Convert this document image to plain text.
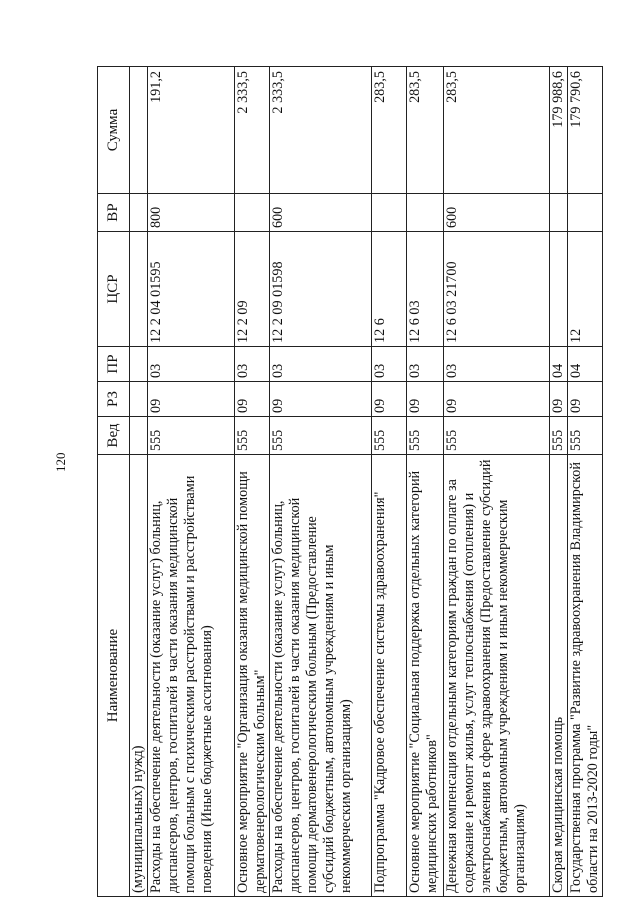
120
Наименование	Вед	РЗ	ПР	ЦСР	ВР	Сумма
(муниципальных) нужд)						
Расходы на обеспечение деятельности (оказание услуг) больниц, диспансеров, центров, госпиталей в части оказания медицинской помощи больным с психическими расстройствами и расстройствами поведения (Иные бюджетные ассигнования)	555	09	03	12 2 04 01595	800	191,2
Основное мероприятие "Организация оказания медицинской помощи дерматовенерологическим больным"	555	09	03	12 2 09		2 333,5
Расходы на обеспечение деятельности (оказание услуг) больниц, диспансеров, центров, госпиталей в части оказания медицинской помощи дерматовенерологическим больным (Предоставление субсидий бюджетным, автономным учреждениям и иным некоммерческим организациям)	555	09	03	12 2 09 01598	600	2 333,5
Подпрограмма "Кадровое обеспечение системы здравоохранения"	555	09	03	12 6		283,5
Основное мероприятие "Социальная поддержка отдельных категорий медицинских работников"	555	09	03	12 6 03		283,5
Денежная компенсация отдельным категориям граждан по оплате за содержание и ремонт жилья, услуг теплоснабжения (отопления) и электроснабжения в сфере здравоохранения (Предоставление субсидий бюджетным, автономным учреждениям и иным некоммерческим организациям)	555	09	03	12 6 03 21700	600	283,5
Скорая медицинская помощь	555	09	04			179 988,6
Государственная программа "Развитие здравоохранения Владимирской области на 2013-2020 годы"	555	09	04	12		179 790,6
